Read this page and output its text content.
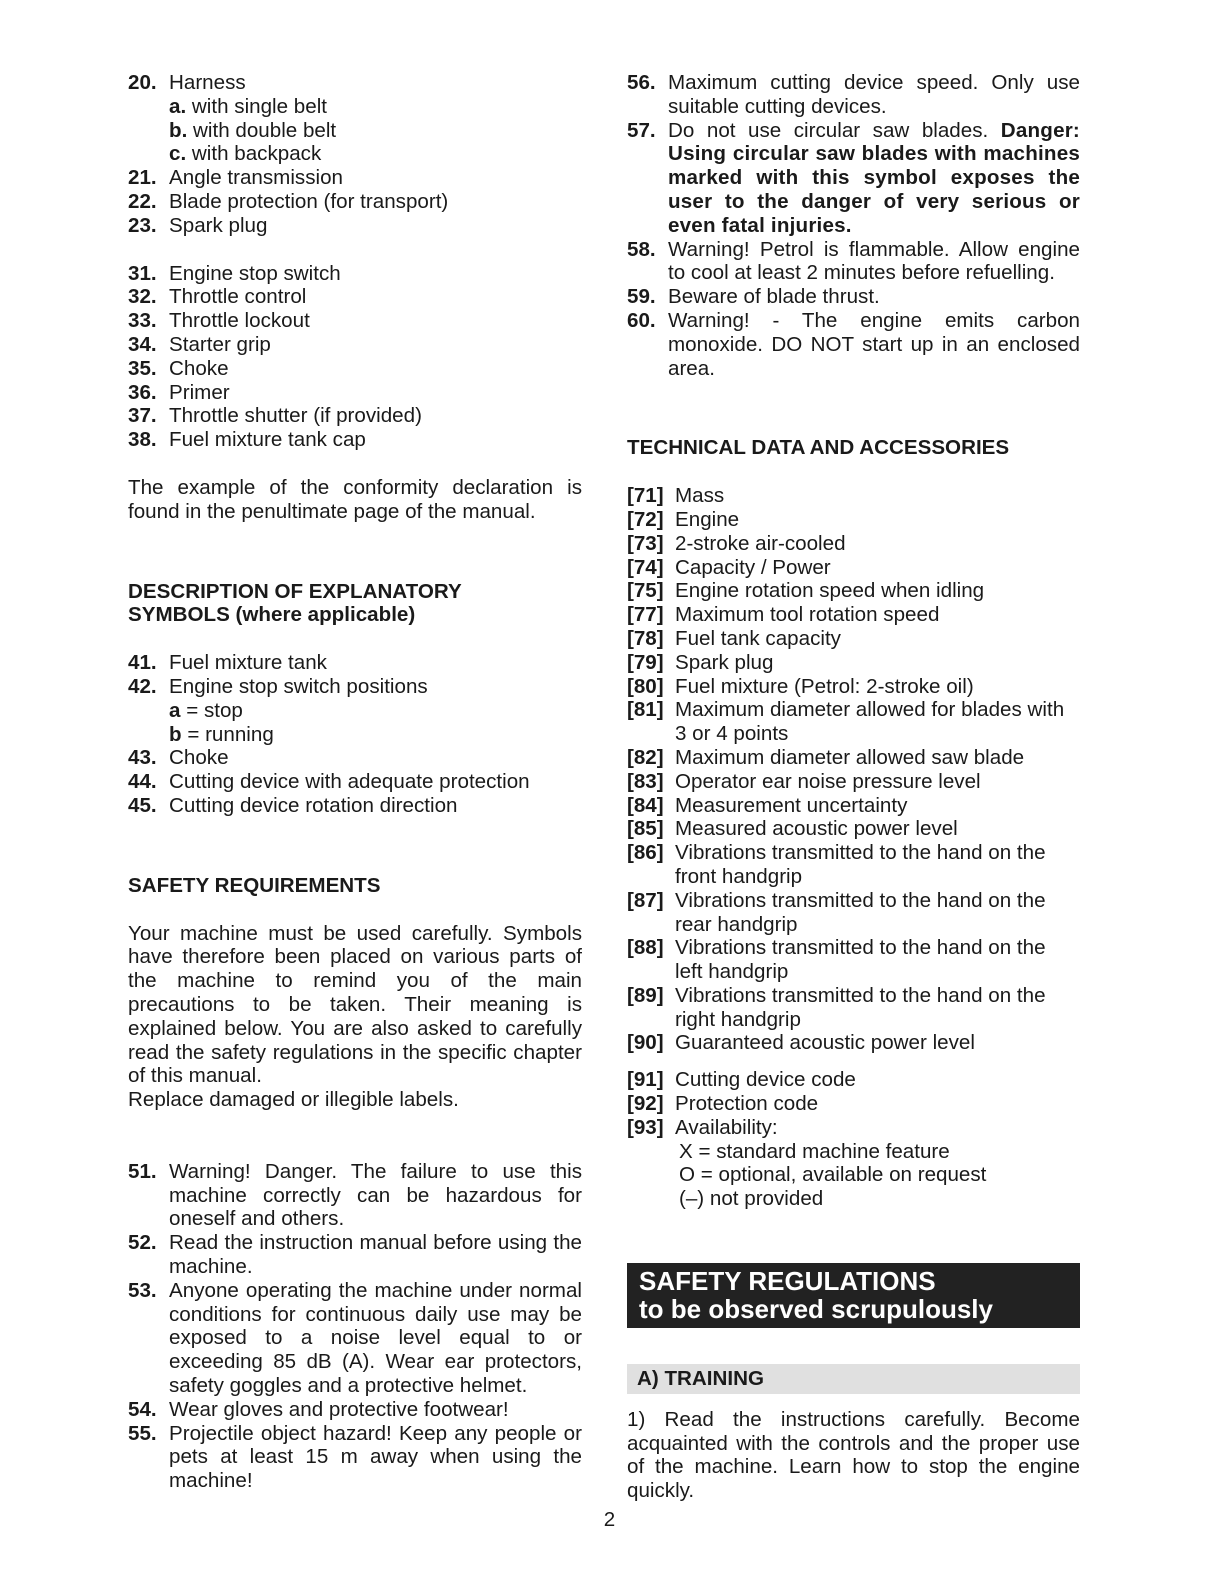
20. Harness
a. with single belt
b. with double belt
c. with backpack
21. Angle transmission
22. Blade protection (for transport)
23. Spark plug
31. Engine stop switch
32. Throttle control
33. Throttle lockout
34. Starter grip
35. Choke
36. Primer
37. Throttle shutter (if provided)
38. Fuel mixture tank cap
The example of the conformity declaration is found in the penultimate page of the manual.
DESCRIPTION OF EXPLANATORY
SYMBOLS (where applicable)
41. Fuel mixture tank
42. Engine stop switch positions
a = stop
b = running
43. Choke
44. Cutting device with adequate protection
45. Cutting device rotation direction
SAFETY REQUIREMENTS
Your machine must be used carefully. Symbols have therefore been placed on various parts of the machine to remind you of the main precautions to be taken. Their meaning is explained below. You are also asked to carefully read the safety regulations in the specific chapter of this manual.
Replace damaged or illegible labels.
51. Warning! Danger. The failure to use this machine correctly can be hazardous for oneself and others.
52. Read the instruction manual before using the machine.
53. Anyone operating the machine under normal conditions for continuous daily use may be exposed to a noise level equal to or exceeding 85 dB (A). Wear ear protectors, safety goggles and a protective helmet.
54. Wear gloves and protective footwear!
55. Projectile object hazard! Keep any people or pets at least 15 m away when using the machine!
56. Maximum cutting device speed. Only use suitable cutting devices.
57. Do not use circular saw blades. Danger: Using circular saw blades with machines marked with this symbol exposes the user to the danger of very serious or even fatal injuries.
58. Warning! Petrol is flammable. Allow engine to cool at least 2 minutes before refuelling.
59. Beware of blade thrust.
60. Warning! - The engine emits carbon monoxide. DO NOT start up in an enclosed area.
TECHNICAL DATA AND ACCESSORIES
[71] Mass
[72] Engine
[73] 2-stroke air-cooled
[74] Capacity / Power
[75] Engine rotation speed when idling
[77] Maximum tool rotation speed
[78] Fuel tank capacity
[79] Spark plug
[80] Fuel mixture (Petrol: 2-stroke oil)
[81] Maximum diameter allowed for blades with 3 or 4 points
[82] Maximum diameter allowed saw blade
[83] Operator ear noise pressure level
[84] Measurement uncertainty
[85] Measured acoustic power level
[86] Vibrations transmitted to the hand on the front handgrip
[87] Vibrations transmitted to the hand on the rear handgrip
[88] Vibrations transmitted to the hand on the left handgrip
[89] Vibrations transmitted to the hand on the right handgrip
[90] Guaranteed acoustic power level
[91] Cutting device code
[92] Protection code
[93] Availability:
X = standard machine feature
O = optional, available on request
(–) not provided
SAFETY REGULATIONS
to be observed scrupulously
A) TRAINING
1) Read the instructions carefully. Become acquainted with the controls and the proper use of the machine. Learn how to stop the engine quickly.
2
